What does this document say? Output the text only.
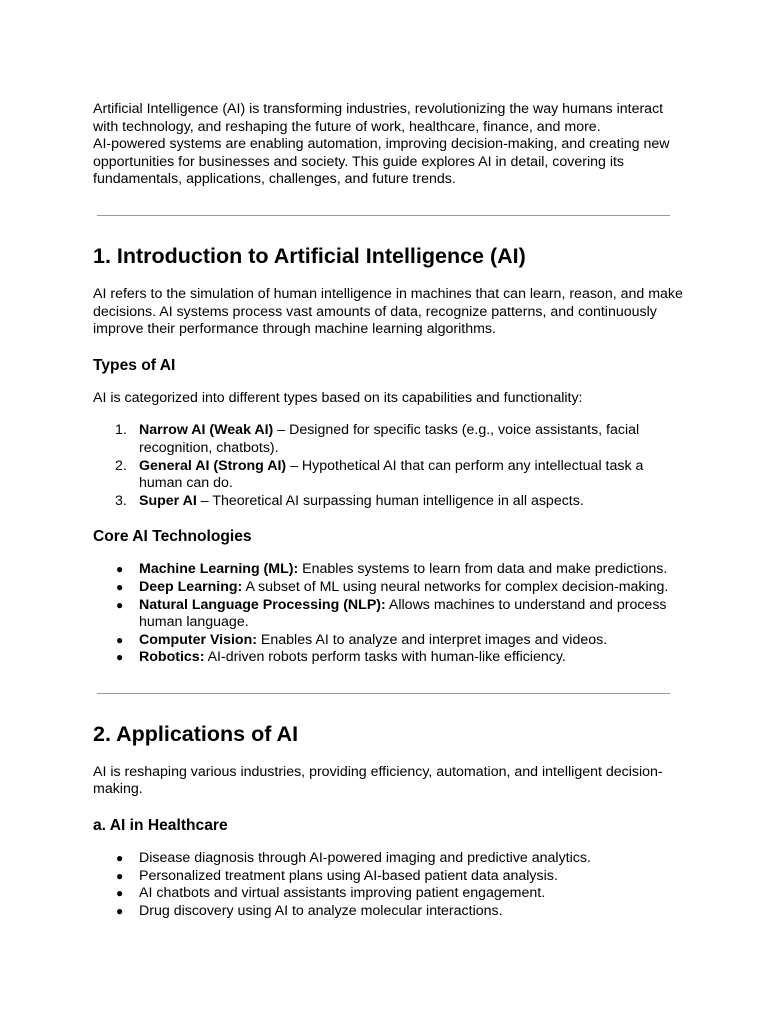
Artificial Intelligence (AI) is transforming industries, revolutionizing the way humans interact with technology, and reshaping the future of work, healthcare, finance, and more.

AI-powered systems are enabling automation, improving decision-making, and creating new opportunities for businesses and society. This guide explores AI in detail, covering its fundamentals, applications, challenges, and future trends.

1. Introduction to Artificial Intelligence (AI)

AI refers to the simulation of human intelligence in machines that can learn, reason, and make decisions. AI systems process vast amounts of data, recognize patterns, and continuously improve their performance through machine learning algorithms.

Types of AI

AI is categorized into different types based on its capabilities and functionality:

1. Narrow AI (Weak AI) – Designed for specific tasks (e.g., voice assistants, facial recognition, chatbots).
2. General AI (Strong AI) – Hypothetical AI that can perform any intellectual task a human can do.
3. Super AI – Theoretical AI surpassing human intelligence in all aspects.
Core AI Technologies
● Machine Learning (ML): Enables systems to learn from data and make predictions.
● Deep Learning: A subset of ML using neural networks for complex decision-making.
● Natural Language Processing (NLP): Allows machines to understand and process human language.
● Computer Vision: Enables AI to analyze and interpret images and videos.
● Robotics: AI-driven robots perform tasks with human-like efficiency.
2. Applications of AI

AI is reshaping various industries, providing efficiency, automation, and intelligent decision-making.

a. AI in Healthcare
● Disease diagnosis through AI-powered imaging and predictive analytics.
● Personalized treatment plans using AI-based patient data analysis.
● AI chatbots and virtual assistants improving patient engagement.
● Drug discovery using AI to analyze molecular interactions.
